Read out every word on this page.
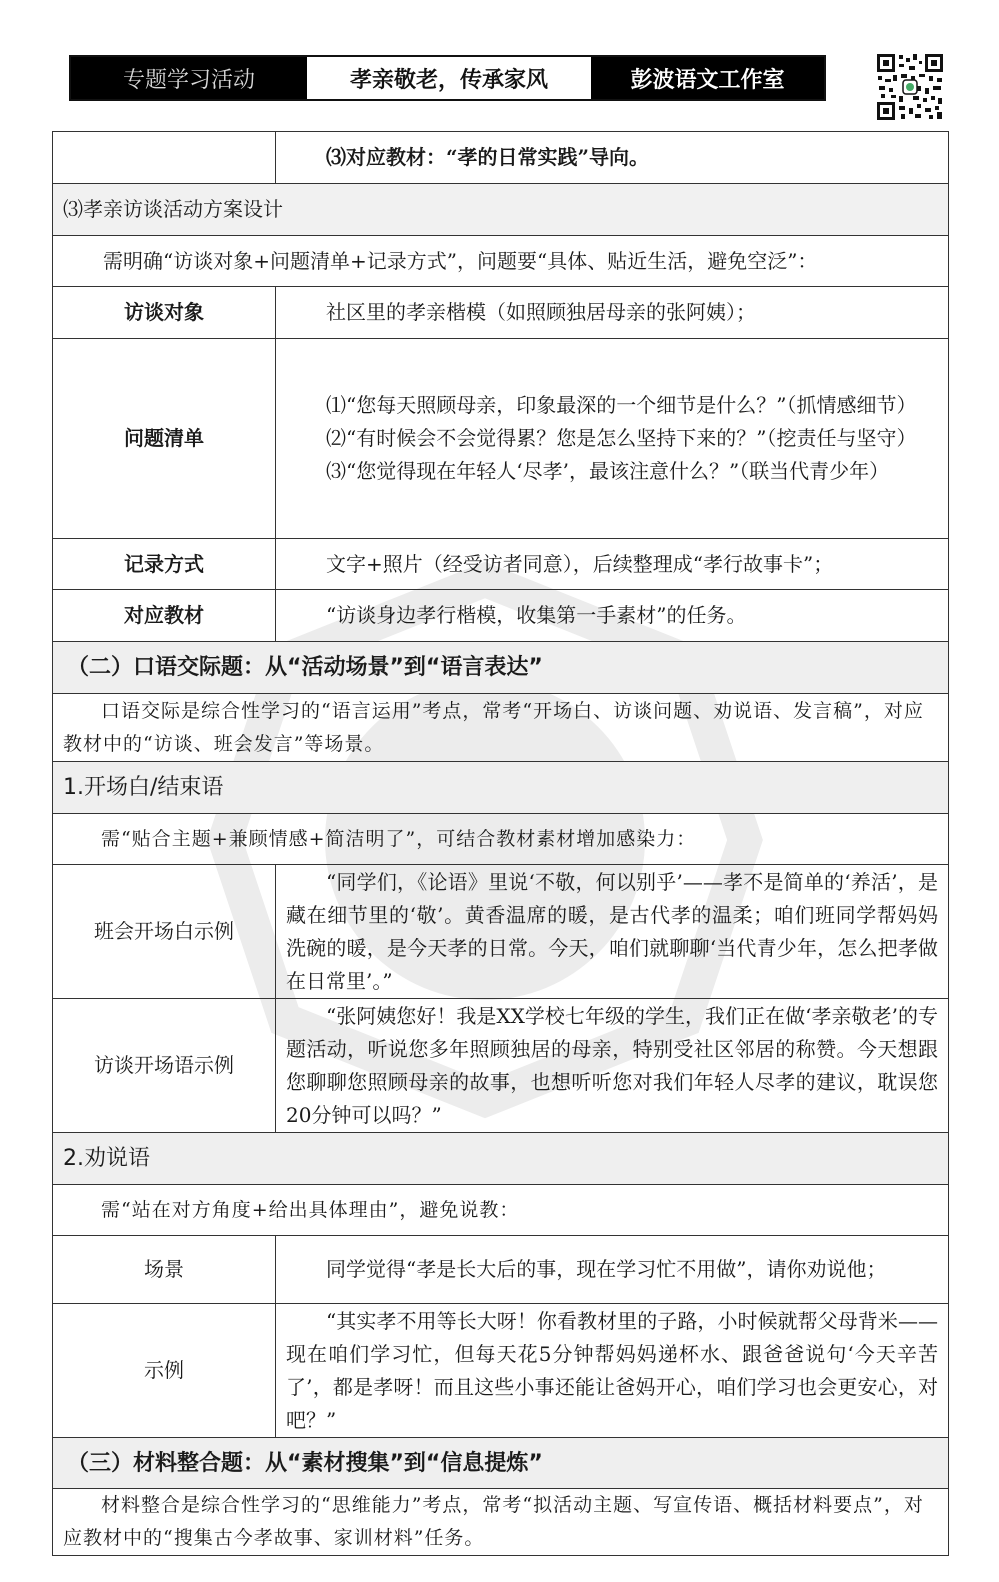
专题学习活动	孝亲敬老，传承家风	彭波语文工作室
	⑶对应教材：“孝的日常实践”导向。
⑶孝亲访谈活动方案设计	
需明确“访谈对象+问题清单+记录方式”，问题要“具体、贴近生活，避免空泛”：	
访谈对象	社区里的孝亲楷模（如照顾独居母亲的张阿姨）；
问题清单	⑴“您每天照顾母亲，印象最深的一个细节是什么？”（抓情感细节）
⑵“有时候会不会觉得累？您是怎么坚持下来的？”（挖责任与坚守）
⑶“您觉得现在年轻人‘尽孝’，最该注意什么？”（联当代青少年）

记录方式	文字+照片（经受访者同意），后续整理成“孝行故事卡”；
对应教材	“访谈身边孝行楷模，收集第一手素材”的任务。
（二）口语交际题：从“活动场景”到“语言表达”	
口语交际是综合性学习的“语言运用”考点，常考“开场白、访谈问题、劝说语、发言稿”，对应教材中的“访谈、班会发言”等场景。	
1.开场白/结束语	
需“贴合主题+兼顾情感+简洁明了”，可结合教材素材增加感染力：	
班会开场白示例	“同学们，《论语》里说‘不敬，何以别乎’——孝不是简单的‘养活’，是藏在细节里的‘敬’。黄香温席的暖，是古代孝的温柔；咱们班同学帮妈妈洗碗的暖，是今天孝的日常。今天，咱们就聊聊‘当代青少年，怎么把孝做在日常里’。”
访谈开场语示例	“张阿姨您好！我是XX学校七年级的学生，我们正在做‘孝亲敬老’的专题活动，听说您多年照顾独居的母亲，特别受社区邻居的称赞。今天想跟您聊聊您照顾母亲的故事，也想听听您对我们年轻人尽孝的建议，耽误您20分钟可以吗？”
2.劝说语	
需“站在对方角度+给出具体理由”，避免说教：	
场景	同学觉得“孝是长大后的事，现在学习忙不用做”，请你劝说他；
示例	“其实孝不用等长大呀！你看教材里的子路，小时候就帮父母背米——现在咱们学习忙，但每天花5分钟帮妈妈递杯水、跟爸爸说句‘今天辛苦了’，都是孝呀！而且这些小事还能让爸妈开心，咱们学习也会更安心，对吧？”
（三）材料整合题：从“素材搜集”到“信息提炼”	
材料整合是综合性学习的“思维能力”考点，常考“拟活动主题、写宣传语、概括材料要点”，对应教材中的“搜集古今孝故事、家训材料”任务。	
